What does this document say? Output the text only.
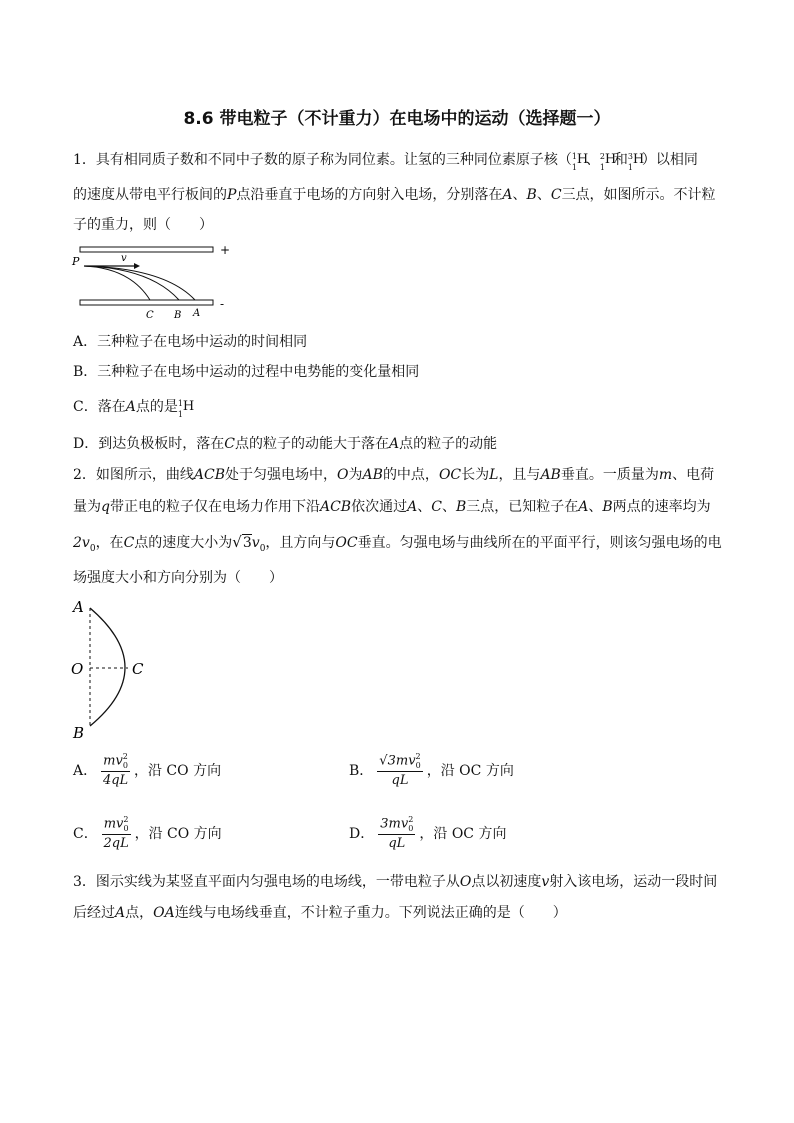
8.6 带电粒子（不计重力）在电场中的运动（选择题一）
1．具有相同质子数和不同中子数的原子称为同位素。让氢的三种同位素原子核（ 1
1
H
、 2
1
H
和 3
1
H
）以相同
的速度从带电平行板间的P点沿垂直于电场的方向射入电场，分别落在A、B、C三点，如图所示。不计粒
子的重力，则（　　）
+
-
P	v
C B A
A．三种粒子在电场中运动的时间相同
B．三种粒子在电场中运动的过程中电势能的变化量相同
C．落在A点的是 1
1
H
D．到达负极板时，落在C点的粒子的动能大于落在A点的粒子的动能
2．如图所示，曲线ACB处于匀强电场中，O为AB的中点，OC长为L，且与AB垂直。一质量为m、电荷
量为q带正电的粒子仅在电场力作用下沿ACB依次通过A、C、B三点，已知粒子在A、B两点的速率均为
$2v_0$，在C点的速度大小为$√3v_0$，且方向与OC垂直。匀强电场与曲线所在的平面平行，则该匀强电场的电
场强度大小和方向分别为（　　）
A
O	C
B
A． $\frac{mv^2_0}{4qL}$ ，沿 CO 方向	B． $\frac{√3mv^2_0}{qL}$ ，沿 OC 方向
C． $\frac{mv^2_0}{2qL}$ ，沿 CO 方向	D． $\frac{3mv^2_0}{qL}$ ，沿 OC 方向
3．图示实线为某竖直平面内匀强电场的电场线，一带电粒子从O点以初速度v射入该电场，运动一段时间
后经过A点，OA连线与电场线垂直，不计粒子重力。下列说法正确的是（　　）
